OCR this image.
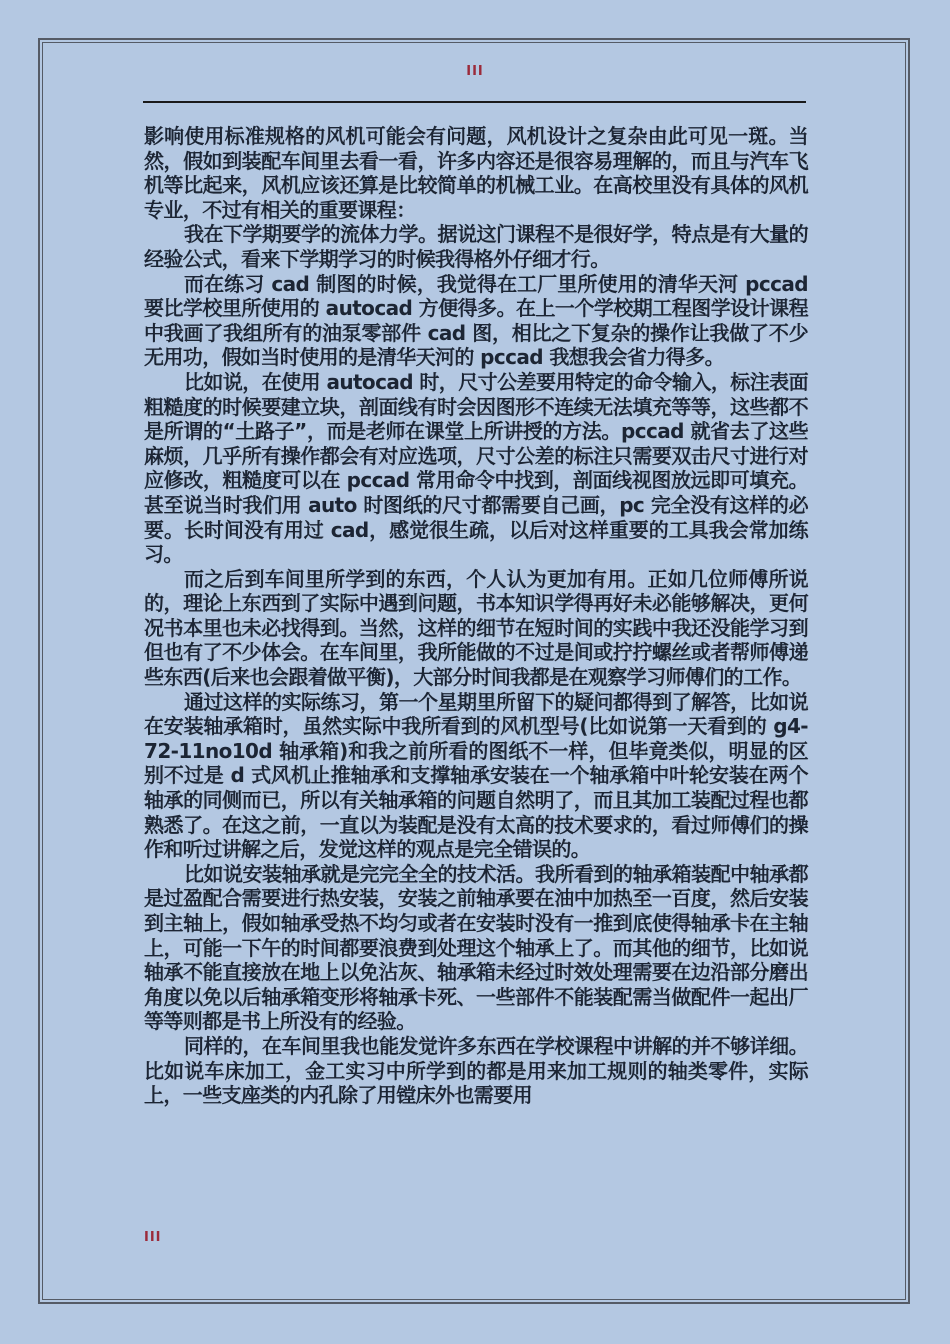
III

影响使用标准规格的风机可能会有问题，风机设计之复杂由此可见一斑。当然，假如到装配车间里去看一看，许多内容还是很容易理解的，而且与汽车飞机等比起来，风机应该还算是比较简单的机械工业。在高校里没有具体的风机专业，不过有相关的重要课程：

我在下学期要学的流体力学。据说这门课程不是很好学，特点是有大量的经验公式，看来下学期学习的时候我得格外仔细才行。

而在练习 cad 制图的时候，我觉得在工厂里所使用的清华天河 pccad 要比学校里所使用的 autocad 方便得多。在上一个学校期工程图学设计课程中我画了我组所有的油泵零部件 cad 图，相比之下复杂的操作让我做了不少无用功，假如当时使用的是清华天河的 pccad 我想我会省力得多。

比如说，在使用 autocad 时，尺寸公差要用特定的命令输入，标注表面粗糙度的时候要建立块，剖面线有时会因图形不连续无法填充等等，这些都不是所谓的“土路子”，而是老师在课堂上所讲授的方法。pccad 就省去了这些麻烦，几乎所有操作都会有对应选项，尺寸公差的标注只需要双击尺寸进行对应修改，粗糙度可以在 pccad 常用命令中找到，剖面线视图放远即可填充。甚至说当时我们用 auto 时图纸的尺寸都需要自己画，pc 完全没有这样的必要。长时间没有用过 cad，感觉很生疏，以后对这样重要的工具我会常加练习。

而之后到车间里所学到的东西，个人认为更加有用。正如几位师傅所说的，理论上东西到了实际中遇到问题，书本知识学得再好未必能够解决，更何况书本里也未必找得到。当然，这样的细节在短时间的实践中我还没能学习到但也有了不少体会。在车间里，我所能做的不过是间或拧拧螺丝或者帮师傅递些东西(后来也会跟着做平衡)，大部分时间我都是在观察学习师傅们的工作。

通过这样的实际练习，第一个星期里所留下的疑问都得到了解答，比如说在安装轴承箱时，虽然实际中我所看到的风机型号(比如说第一天看到的 g4-72-11no10d 轴承箱)和我之前所看的图纸不一样，但毕竟类似，明显的区别不过是 d 式风机止推轴承和支撑轴承安装在一个轴承箱中叶轮安装在两个轴承的同侧而已，所以有关轴承箱的问题自然明了，而且其加工装配过程也都熟悉了。在这之前，一直以为装配是没有太高的技术要求的，看过师傅们的操作和听过讲解之后，发觉这样的观点是完全错误的。

比如说安装轴承就是完完全全的技术活。我所看到的轴承箱装配中轴承都是过盈配合需要进行热安装，安装之前轴承要在油中加热至一百度，然后安装到主轴上，假如轴承受热不均匀或者在安装时没有一推到底使得轴承卡在主轴上，可能一下午的时间都要浪费到处理这个轴承上了。而其他的细节，比如说轴承不能直接放在地上以免沾灰、轴承箱未经过时效处理需要在边沿部分磨出角度以免以后轴承箱变形将轴承卡死、一些部件不能装配需当做配件一起出厂等等则都是书上所没有的经验。

同样的，在车间里我也能发觉许多东西在学校课程中讲解的并不够详细。比如说车床加工，金工实习中所学到的都是用来加工规则的轴类零件，实际上，一些支座类的内孔除了用镗床外也需要用

III
